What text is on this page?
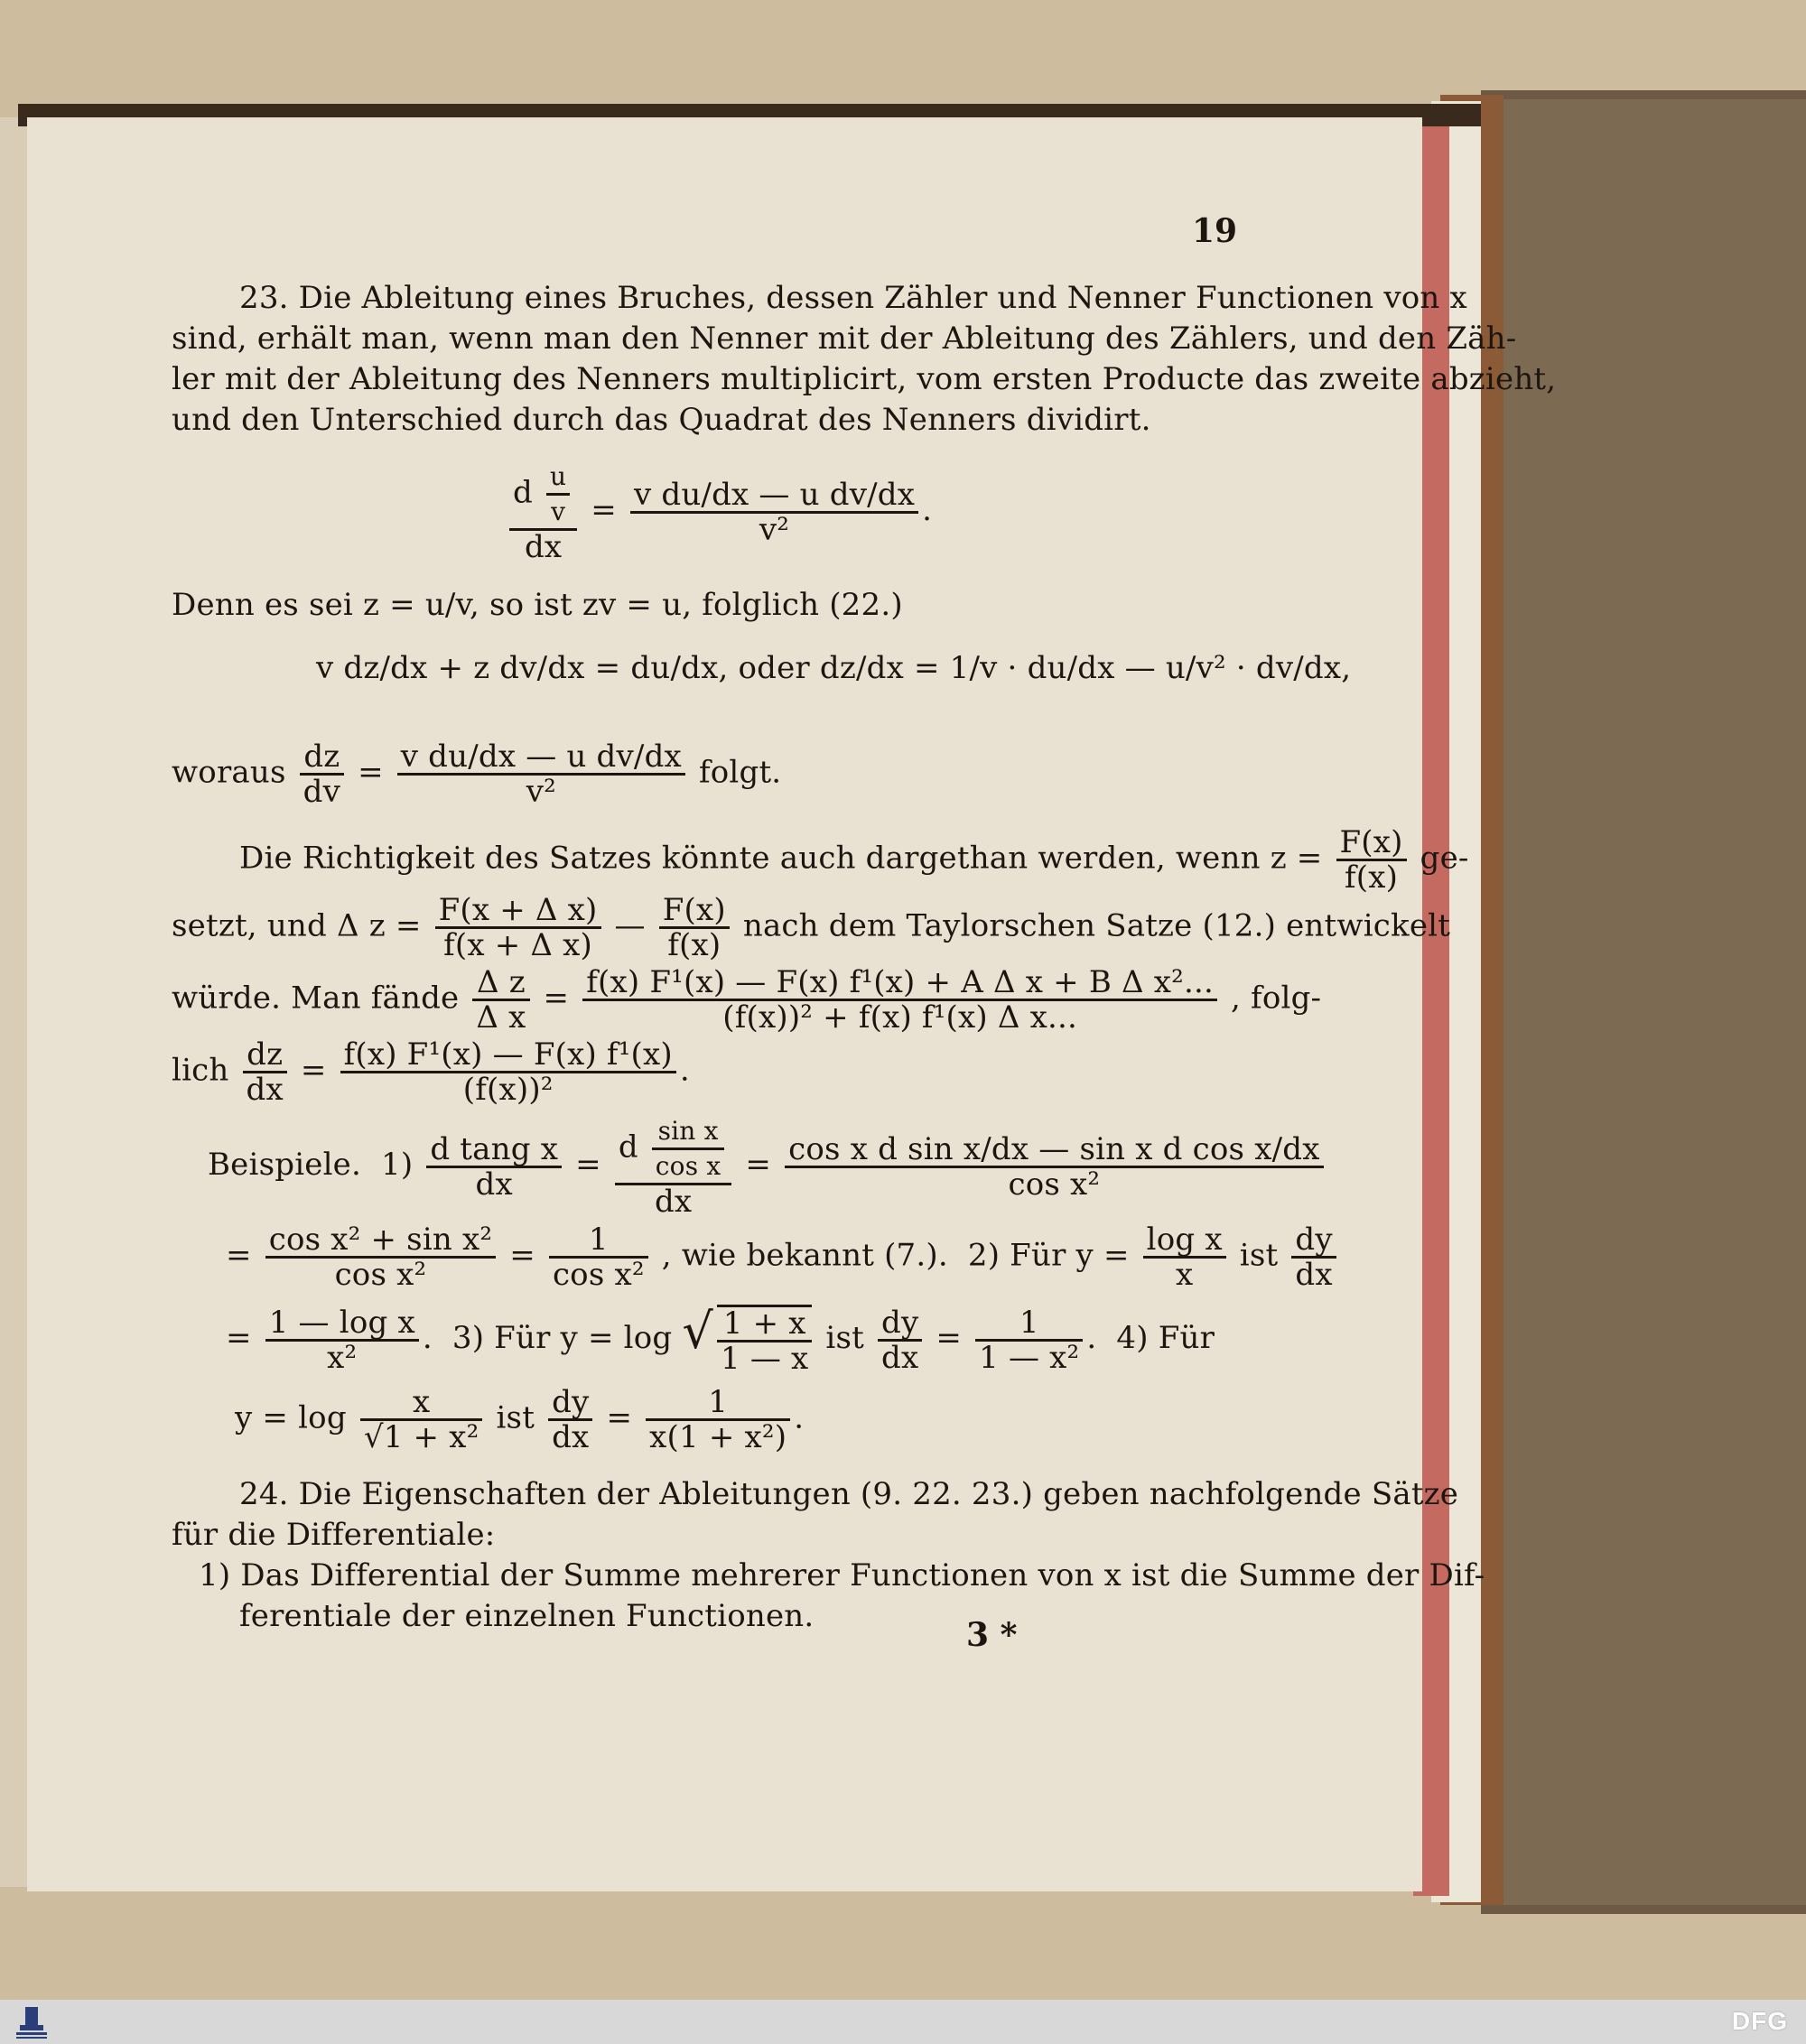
19
23. Die Ableitung eines Bruches, dessen Zähler und Nenner Functionen von x
sind, erhält man, wenn man den Nenner mit der Ableitung des Zählers, und den Zäh-
ler mit der Ableitung des Nenners multiplicirt, vom ersten Producte das zweite abzieht,
und den Unterschied durch das Quadrat des Nenners dividirt.
$\frac{d \frac{u}{v}}{dx} = \frac{\text{v du/dx — u dv/dx}}{\text{v²}}$ .
Denn es sei z = u/v, so ist zv = u, folglich (22.)
v dz/dx + z dv/dx = du/dx, oder dz/dx = 1/v · du/dx — u/v² · dv/dx,
woraus $\frac{dz}{dv} = \frac{\text{v du/dx — u dv/dx}}{\text{v²}} folgt$.
Die Richtigkeit des Satzes könnte auch dargethan werden, wenn $z = \frac{F(x)}{f(x)} ge-$
setzt, und Δ $z = \frac{\text{F(x + Δ x)}}{\text{f(x + Δ x)}}$ — $\frac{F(x)}{f(x)}$ nach dem Taylorschen Satze (12.) entwickelt
würde. Man fände $\frac{\text{Δ z}}{\text{Δ x}} = \frac{\text{f(x) F¹(x) — F(x) f¹(x) + A Δ x + B Δ x²...}}{\text{(f(x))² + f(x) f¹(x) Δ x...}}$ , folg-
lich $\frac{dz}{dx} = \frac{\text{f(x) F¹(x) — F(x) f¹(x)}}{\text{(f(x))²}}$ .
Beispiele. $1) \frac{\text{d tang x}}{dx} = \frac{d \frac{\text{sin x}}{\text{cos x}}}{dx} = \frac{\text{cos x d sin x/dx — sin x d cos x/dx}}{\text{cos x²}}$
= $\frac{\text{cos x² + sin x²}}{\text{cos x²}} = \frac{1}{\text{cos x²}}$ , wie bekannt (7.). 2) Für $y = \frac{\text{log x}}{x}$ ist $\frac{dy}{dx}$
= $\frac{\text{1 — log x}}{\text{x²}}$ .  3) Für y = log √ $\frac{1 + x}{1 — x}$ ist $\frac{dy}{dx} = \frac{1}{\text{1 — x²}}$ .  4) Für
$y = \log \frac{x}{\text{√1 + x²}}$ ist $\frac{dy}{dx} = \frac{1}{\text{x(1 + x²)}}$ .
24. Die Eigenschaften der Ableitungen (9. 22. 23.) geben nachfolgende Sätze
für die Differentiale:
1) Das Differential der Summe mehrerer Functionen von x ist die Summe der Dif-
ferentiale der einzelnen Functionen.	3 *
DFG
